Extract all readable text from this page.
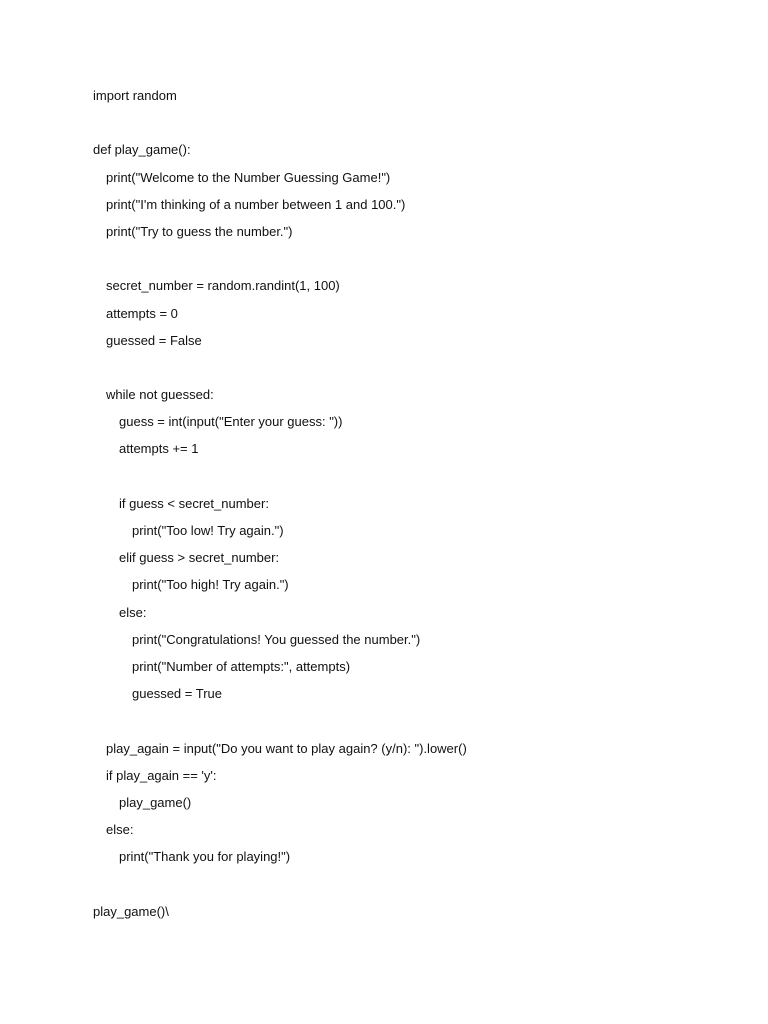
import random
def play_game():
print("Welcome to the Number Guessing Game!")
print("I'm thinking of a number between 1 and 100.")
print("Try to guess the number.")
secret_number = random.randint(1, 100)
attempts = 0
guessed = False
while not guessed:
guess = int(input("Enter your guess: "))
attempts += 1
if guess < secret_number:
print("Too low! Try again.")
elif guess > secret_number:
print("Too high! Try again.")
else:
print("Congratulations! You guessed the number.")
print("Number of attempts:", attempts)
guessed = True
play_again = input("Do you want to play again? (y/n): ").lower()
if play_again == 'y':
play_game()
else:
print("Thank you for playing!")
play_game()\
